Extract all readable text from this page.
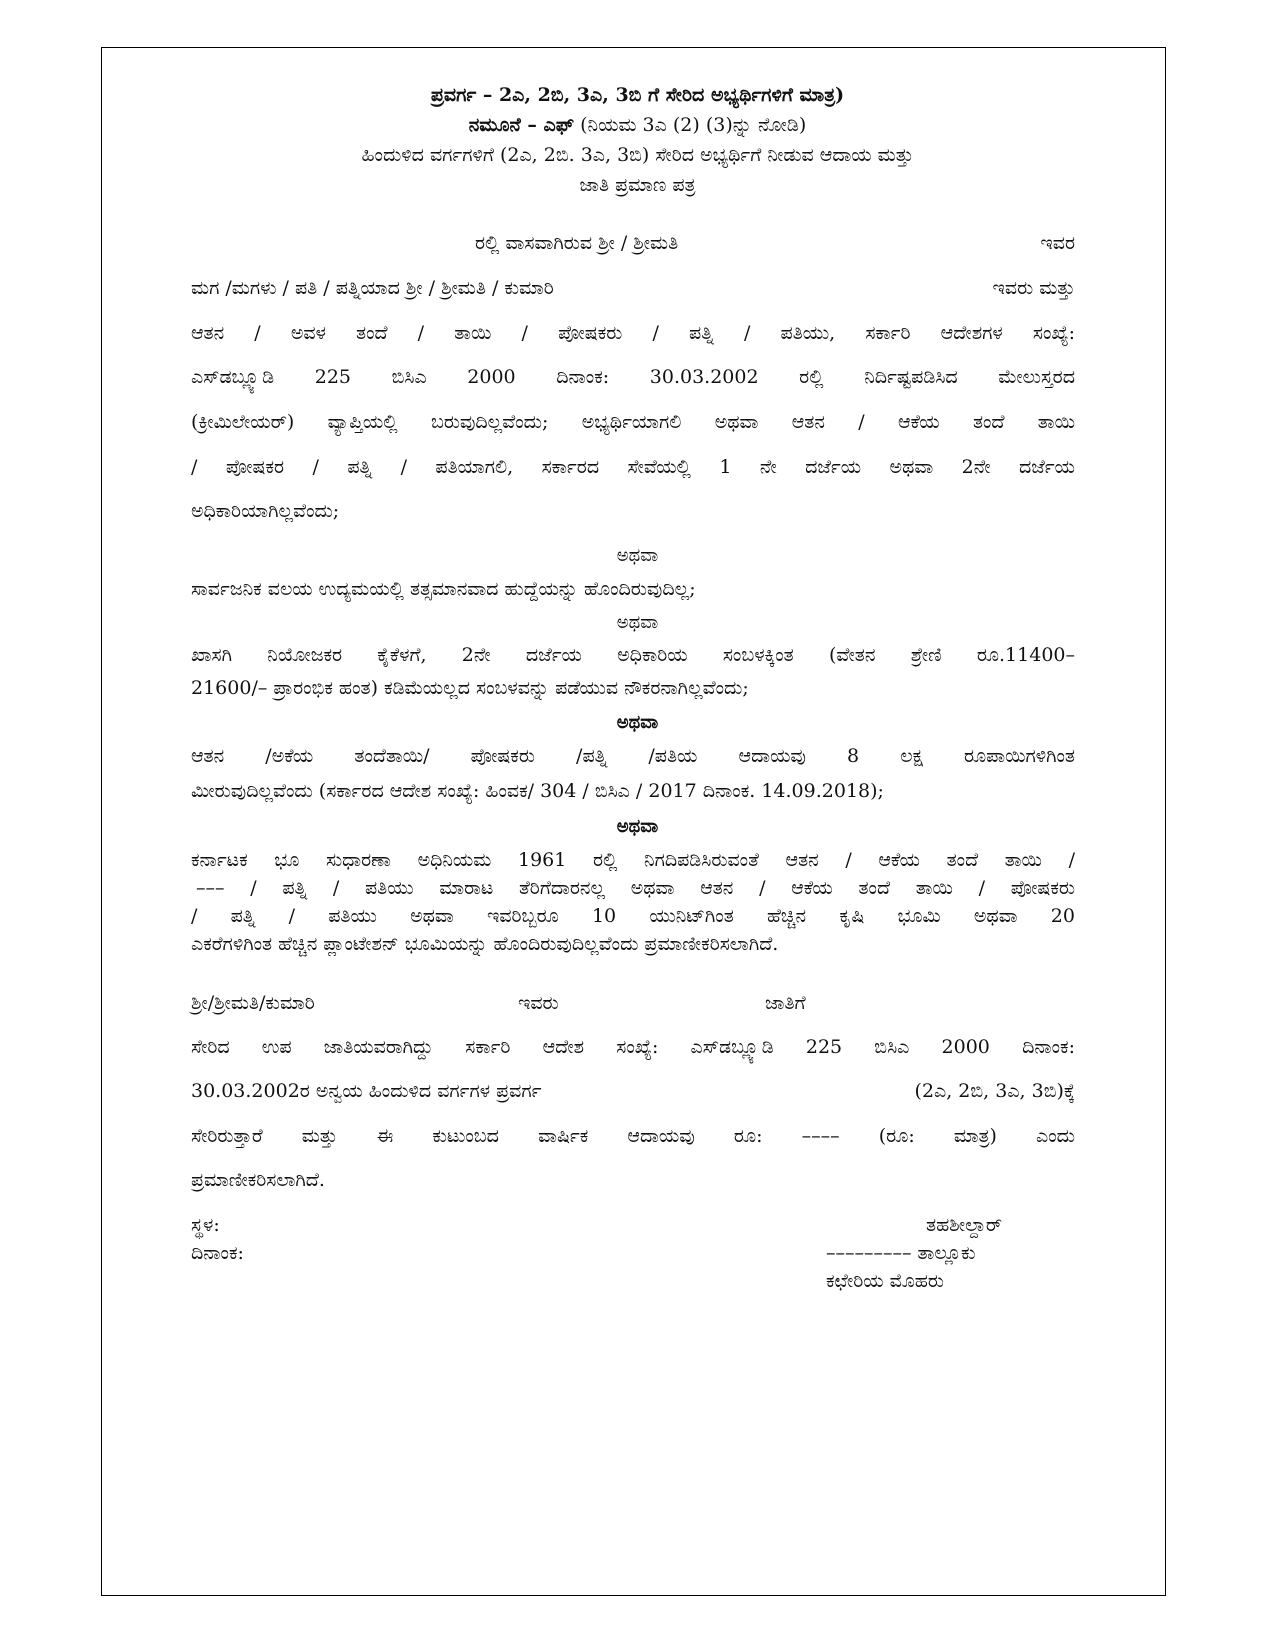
ಪ್ರವರ್ಗ – 2ಎ, 2ಬಿ, 3ಎ, 3ಬಿ ಗೆ ಸೇರಿದ ಅಭ್ಯರ್ಥಿಗಳಿಗೆ ಮಾತ್ರ)
ನಮೂನೆ – ಎಫ್ (ನಿಯಮ 3ಎ (2) (3)ನ್ನು ನೋಡಿ)
ಹಿಂದುಳಿದ ವರ್ಗಗಳಿಗೆ (2ಎ, 2ಬಿ. 3ಎ, 3ಬಿ) ಸೇರಿದ ಅಭ್ಯರ್ಥಿಗೆ ನೀಡುವ ಆದಾಯ ಮತ್ತು
ಜಾತಿ ಪ್ರಮಾಣ ಪತ್ರ
ರಲ್ಲಿ ವಾಸವಾಗಿರುವ ಶ್ರೀ / ಶ್ರೀಮತಿ	ಇವರ
ಮಗ /ಮಗಳು / ಪತಿ / ಪತ್ನಿಯಾದ ಶ್ರೀ / ಶ್ರೀಮತಿ / ಕುಮಾರಿ	ಇವರು ಮತ್ತು
ಆತನ / ಅವಳ ತಂದೆ / ತಾಯಿ / ಪೋಷಕರು / ಪತ್ನಿ / ಪತಿಯು, ಸರ್ಕಾರಿ ಆದೇಶಗಳ ಸಂಖ್ಯೆ:
ಎಸ್‌ಡಬ್ಲ್ಯೂಡಿ 225 ಬಿಸಿಎ 2000 ದಿನಾಂಕ: 30.03.2002 ರಲ್ಲಿ ನಿರ್ದಿಷ್ಟಪಡಿಸಿದ ಮೇಲುಸ್ತರದ
(ಕ್ರೀಮಿಲೇಯರ್) ವ್ಯಾಪ್ತಿಯಲ್ಲಿ ಬರುವುದಿಲ್ಲವೆಂದು; ಅಭ್ಯರ್ಥಿಯಾಗಲಿ ಅಥವಾ ಆತನ / ಆಕೆಯ ತಂದೆ ತಾಯಿ
/ ಪೋಷಕರ / ಪತ್ನಿ / ಪತಿಯಾಗಲಿ, ಸರ್ಕಾರದ ಸೇವೆಯಲ್ಲಿ 1 ನೇ ದರ್ಜೆಯ ಅಥವಾ 2ನೇ ದರ್ಜೆಯ
ಅಧಿಕಾರಿಯಾಗಿಲ್ಲವೆಂದು;
ಅಥವಾ
ಸಾರ್ವಜನಿಕ ವಲಯ ಉದ್ಯಮಯಲ್ಲಿ ತತ್ಸಮಾನವಾದ ಹುದ್ದೆಯನ್ನು ಹೊಂದಿರುವುದಿಲ್ಲ;
ಅಥವಾ
ಖಾಸಗಿ ನಿಯೋಜಕರ ಕೈಕೆಳಗೆ, 2ನೇ ದರ್ಜೆಯ ಅಧಿಕಾರಿಯ ಸಂಬಳಕ್ಕಿಂತ (ವೇತನ ಶ್ರೇಣಿ ರೂ.11400–
21600/– ಪ್ರಾರಂಭಿಕ ಹಂತ) ಕಡಿಮೆಯಲ್ಲದ ಸಂಬಳವನ್ನು ಪಡೆಯುವ ನೌಕರನಾಗಿಲ್ಲವೆಂದು;
ಅಥವಾ
ಆತನ /ಅಕೆಯ ತಂದೆತಾಯಿ/ ಪೋಷಕರು /ಪತ್ನಿ /ಪತಿಯ ಆದಾಯವು 8 ಲಕ್ಷ ರೂಪಾಯಿಗಳಿಗಿಂತ
ಮೀರುವುದಿಲ್ಲವೆಂದು (ಸರ್ಕಾರದ ಆದೇಶ ಸಂಖ್ಯೆ: ಹಿಂವಕ/ 304 / ಬಿಸಿಎ / 2017 ದಿನಾಂಕ. 14.09.2018);
ಅಥವಾ
ಕರ್ನಾಟಕ ಭೂ ಸುಧಾರಣಾ ಅಧಿನಿಯಮ 1961 ರಲ್ಲಿ ನಿಗದಿಪಡಿಸಿರುವಂತೆ ಆತನ / ಆಕೆಯ ತಂದೆ ತಾಯಿ /
––– / ಪತ್ನಿ / ಪತಿಯು ಮಾರಾಟ ತೆರಿಗೆದಾರನಲ್ಲ ಅಥವಾ ಆತನ / ಆಕೆಯ ತಂದೆ ತಾಯಿ / ಪೋಷಕರು
/ ಪತ್ನಿ / ಪತಿಯು ಅಥವಾ ಇವರಿಬ್ಬರೂ 10 ಯುನಿಟ್‌ಗಿಂತ ಹೆಚ್ಚಿನ ಕೃಷಿ ಭೂಮಿ ಅಥವಾ 20
ಎಕರೆಗಳಿಗಿಂತ ಹೆಚ್ಚಿನ ಪ್ಲಾಂಟೇಶನ್ ಭೂಮಿಯನ್ನು ಹೊಂದಿರುವುದಿಲ್ಲವೆಂದು ಪ್ರಮಾಣೀಕರಿಸಲಾಗಿದೆ.
ಶ್ರೀ/ಶ್ರೀಮತಿ/ಕುಮಾರಿ	ಇವರು	ಜಾತಿಗೆ
ಸೇರಿದ ಉಪ ಜಾತಿಯವರಾಗಿದ್ದು ಸರ್ಕಾರಿ ಆದೇಶ ಸಂಖ್ಯೆ: ಎಸ್‌ಡಬ್ಲ್ಯೂಡಿ 225 ಬಿಸಿಎ 2000 ದಿನಾಂಕ:
30.03.2002ರ ಅನ್ವಯ ಹಿಂದುಳಿದ ವರ್ಗಗಳ ಪ್ರವರ್ಗ	(2ಎ, 2ಬಿ, 3ಎ, 3ಬಿ)ಕ್ಕೆ
ಸೇರಿರುತ್ತಾರೆ ಮತ್ತು ಈ ಕುಟುಂಬದ ವಾರ್ಷಿಕ ಆದಾಯವು ರೂ: –––– (ರೂ: ಮಾತ್ರ) ಎಂದು
ಪ್ರಮಾಣೀಕರಿಸಲಾಗಿದೆ.
ಸ್ಥಳ:
ದಿನಾಂಕ:
ತಹಶೀಲ್ದಾರ್
––––––––– ತಾಲ್ಲೂಕು
ಕಛೇರಿಯ ಮೊಹರು
